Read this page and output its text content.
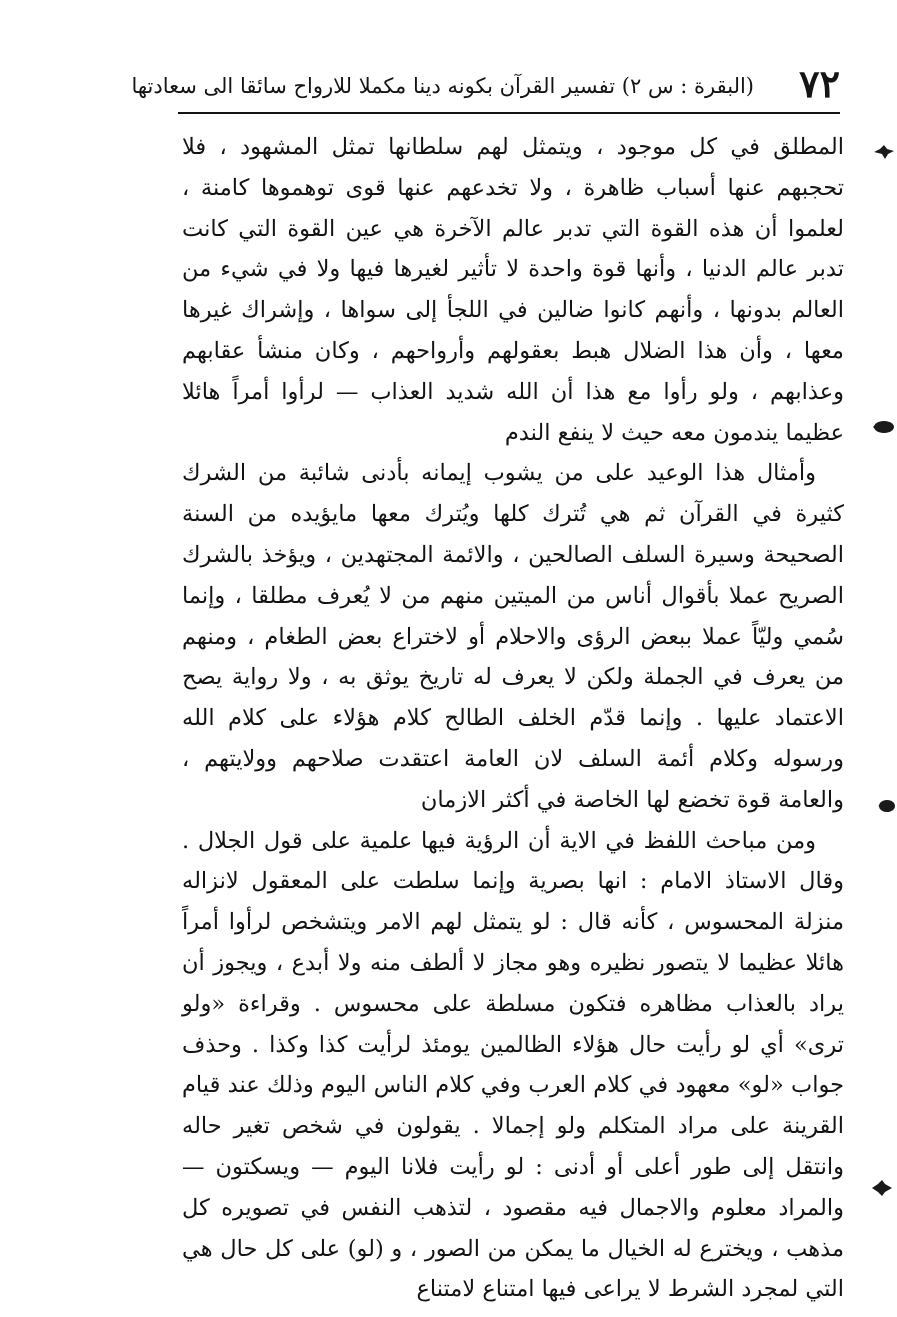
٧٢
(البقرة : س ٢) تفسير القرآن بكونه دينا مكملا للارواح سائقا الى سعادتها

المطلق في كل موجود ، ويتمثل لهم سلطانها تمثل المشهود ، فلا تحجبهم عنها أسباب ظاهرة ، ولا تخدعهم عنها قوى توهموها كامنة ، لعلموا أن هذه القوة التي تدبر عالم الآخرة هي عين القوة التي كانت تدبر عالم الدنيا ، وأنها قوة واحدة لا تأثير لغيرها فيها ولا في شيء من العالم بدونها ، وأنهم كانوا ضالين في اللجأ إلى سواها ، وإشراك غيرها معها ، وأن هذا الضلال هبط بعقولهم وأرواحهم ، وكان منشأ عقابهم وعذابهم ، ولو رأوا مع هذا أن الله شديد العذاب — لرأوا أمراً هائلا عظيما يندمون معه حيث لا ينفع الندم

وأمثال هذا الوعيد على من يشوب إيمانه بأدنى شائبة من الشرك كثيرة في القرآن ثم هي تُترك كلها ويُترك معها مايؤيده من السنة الصحيحة وسيرة السلف الصالحين ، والائمة المجتهدين ، ويؤخذ بالشرك الصريح عملا بأقوال أناس من الميتين منهم من لا يُعرف مطلقا ، وإنما سُمي وليّاً عملا ببعض الرؤى والاحلام أو لاختراع بعض الطغام ، ومنهم من يعرف في الجملة ولكن لا يعرف له تاريخ يوثق به ، ولا رواية يصح الاعتماد عليها . وإنما قدّم الخلف الطالح كلام هؤلاء على كلام الله ورسوله وكلام أئمة السلف لان العامة اعتقدت صلاحهم وولايتهم ، والعامة قوة تخضع لها الخاصة في أكثر الازمان

ومن مباحث اللفظ في الاية أن الرؤية فيها علمية على قول الجلال . وقال الاستاذ الامام : انها بصرية وإنما سلطت على المعقول لانزاله منزلة المحسوس ، كأنه قال : لو يتمثل لهم الامر ويتشخص لرأوا أمراً هائلا عظيما لا يتصور نظيره وهو مجاز لا ألطف منه ولا أبدع ، ويجوز أن يراد بالعذاب مظاهره فتكون مسلطة على محسوس . وقراءة «ولو ترى» أي لو رأيت حال هؤلاء الظالمين يومئذ لرأيت كذا وكذا . وحذف جواب «لو» معهود في كلام العرب وفي كلام الناس اليوم وذلك عند قيام القرينة على مراد المتكلم ولو إجمالا . يقولون في شخص تغير حاله وانتقل إلى طور أعلى أو أدنى : لو رأيت فلانا اليوم — ويسكتون — والمراد معلوم والاجمال فيه مقصود ، لتذهب النفس في تصويره كل مذهب ، ويخترع له الخيال ما يمكن من الصور ، و (لو) على كل حال هي التي لمجرد الشرط لا يراعى فيها امتناع لامتناع
